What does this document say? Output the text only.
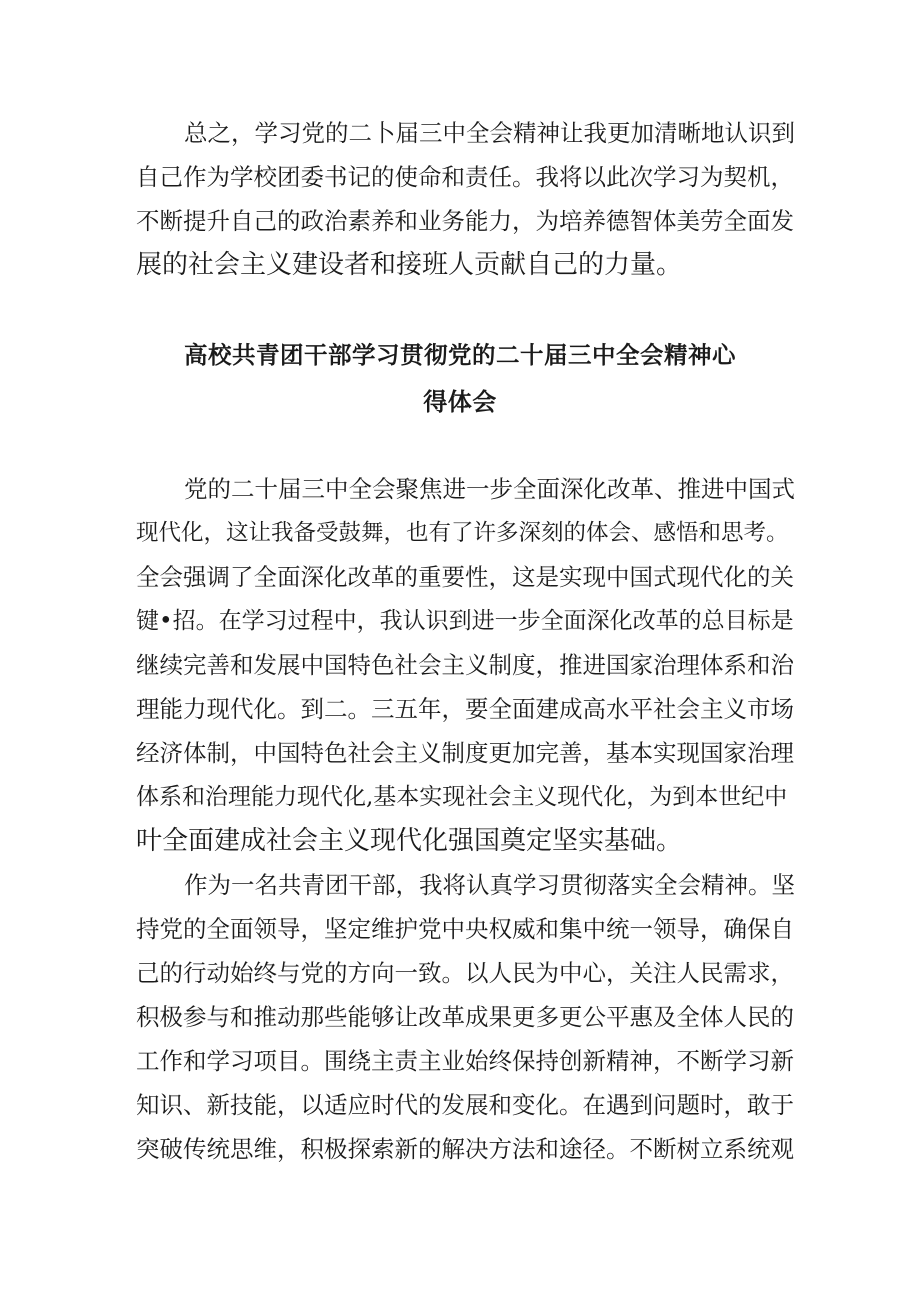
总之，学习党的二卜届三中全会精神让我更加清晰地认识到
自己作为学校团委书记的使命和责任。我将以此次学习为契机，
不断提升自己的政治素养和业务能力，为培养德智体美劳全面发
展的社会主义建设者和接班人贡献自己的力量。
高校共青团干部学习贯彻党的二十届三中全会精神心
得体会
党的二十届三中全会聚焦进一步全面深化改革、推进中国式
现代化，这让我备受鼓舞，也有了许多深刻的体会、感悟和思考。
全会强调了全面深化改革的重要性，这是实现中国式现代化的关
键•招。在学习过程中，我认识到进一步全面深化改革的总目标是
继续完善和发展中国特色社会主义制度，推进国家治理体系和治
理能力现代化。到二。三五年，要全面建成高水平社会主义市场
经济体制，中国特色社会主义制度更加完善，基本实现国家治理
体系和治理能力现代化,基本实现社会主义现代化，为到本世纪中
叶全面建成社会主义现代化强国奠定坚实基础。
作为一名共青团干部，我将认真学习贯彻落实全会精神。坚
持党的全面领导，坚定维护党中央权威和集中统一领导，确保自
己的行动始终与党的方向一致。以人民为中心，关注人民需求，
积极参与和推动那些能够让改革成果更多更公平惠及全体人民的
工作和学习项目。围绕主责主业始终保持创新精神，不断学习新
知识、新技能，以适应时代的发展和变化。在遇到问题时，敢于
突破传统思维，积极探索新的解决方法和途径。不断树立系统观
